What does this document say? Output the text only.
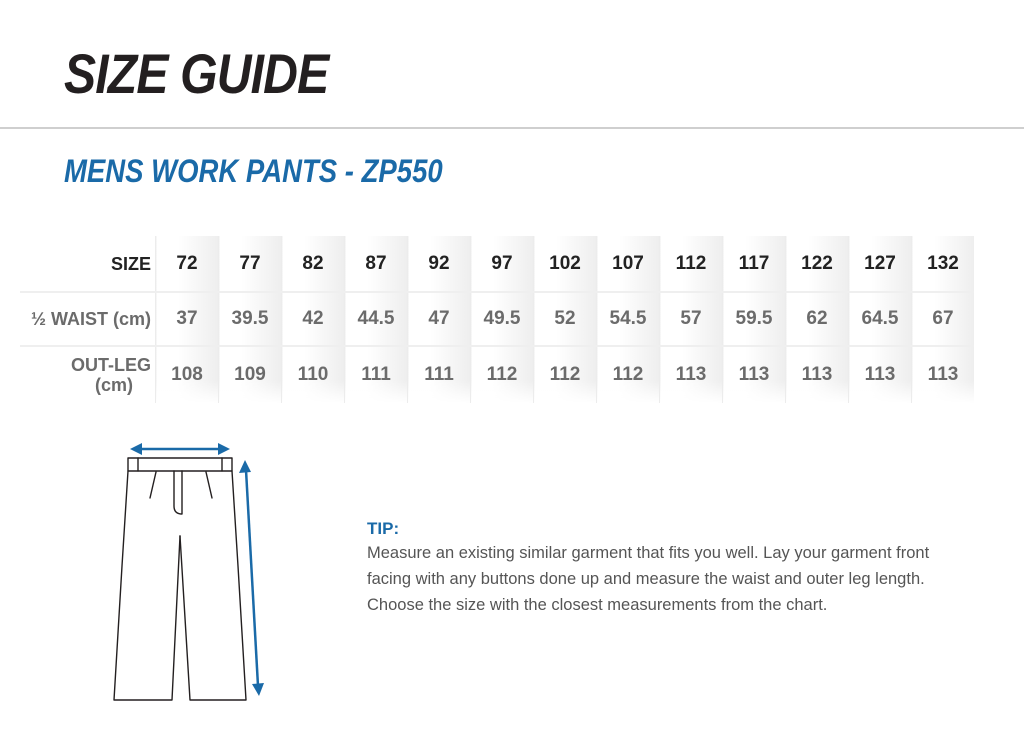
SIZE GUIDE
MENS WORK PANTS - ZP550
SIZE	72	77	82	87	92	97	102	107	112	117	122	127	132
½ WAIST (cm)	37	39.5	42	44.5	47	49.5	52	54.5	57	59.5	62	64.5	67
OUT-LEG
(cm)	108	109	110	111	111	112	112	112	113	113	113	113	113
TIP:
Measure an existing similar garment that fits you well. Lay your garment front facing with any buttons done up and measure the waist and outer leg length. Choose the size with the closest measurements from the chart.
